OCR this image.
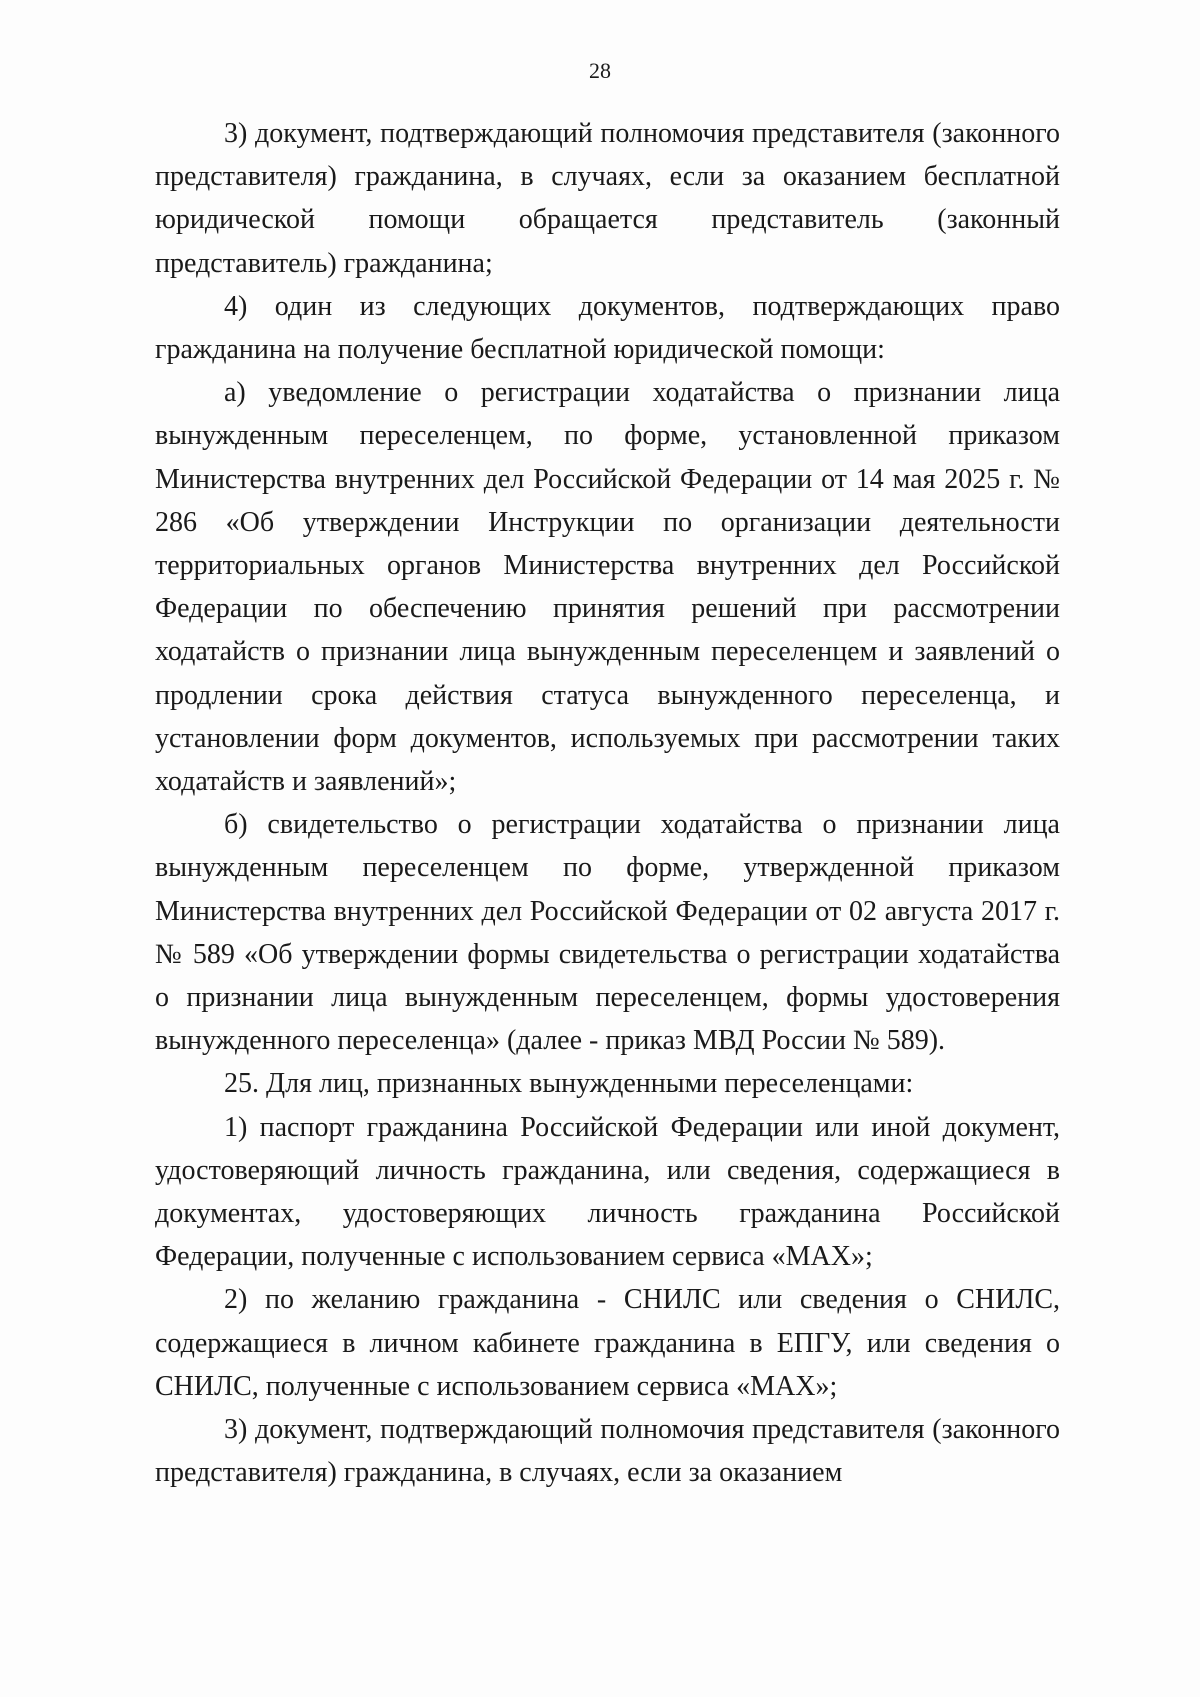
28

3) документ, подтверждающий полномочия представителя (законного представителя) гражданина, в случаях, если за оказанием бесплатной юридической помощи обращается представитель (законный представитель) гражданина;

4) один из следующих документов, подтверждающих право гражданина на получение бесплатной юридической помощи:

а) уведомление о регистрации ходатайства о признании лица вынужденным переселенцем, по форме, установленной приказом Министерства внутренних дел Российской Федерации от 14 мая 2025 г. № 286 «Об утверждении Инструкции по организации деятельности территориальных органов Министерства внутренних дел Российской Федерации по обеспечению принятия решений при рассмотрении ходатайств о признании лица вынужденным переселенцем и заявлений о продлении срока действия статуса вынужденного переселенца, и установлении форм документов, используемых при рассмотрении таких ходатайств и заявлений»;

б) свидетельство о регистрации ходатайства о признании лица вынужденным переселенцем по форме, утвержденной приказом Министерства внутренних дел Российской Федерации от 02 августа 2017 г. № 589 «Об утверждении формы свидетельства о регистрации ходатайства о признании лица вынужденным переселенцем, формы удостоверения вынужденного переселенца» (далее - приказ МВД России № 589).

25. Для лиц, признанных вынужденными переселенцами:

1) паспорт гражданина Российской Федерации или иной документ, удостоверяющий личность гражданина, или сведения, содержащиеся в документах, удостоверяющих личность гражданина Российской Федерации, полученные с использованием сервиса «MAX»;

2) по желанию гражданина - СНИЛС или сведения о СНИЛС, содержащиеся в личном кабинете гражданина в ЕПГУ, или сведения о СНИЛС, полученные с использованием сервиса «MAX»;

3) документ, подтверждающий полномочия представителя (законного представителя) гражданина, в случаях, если за оказанием
